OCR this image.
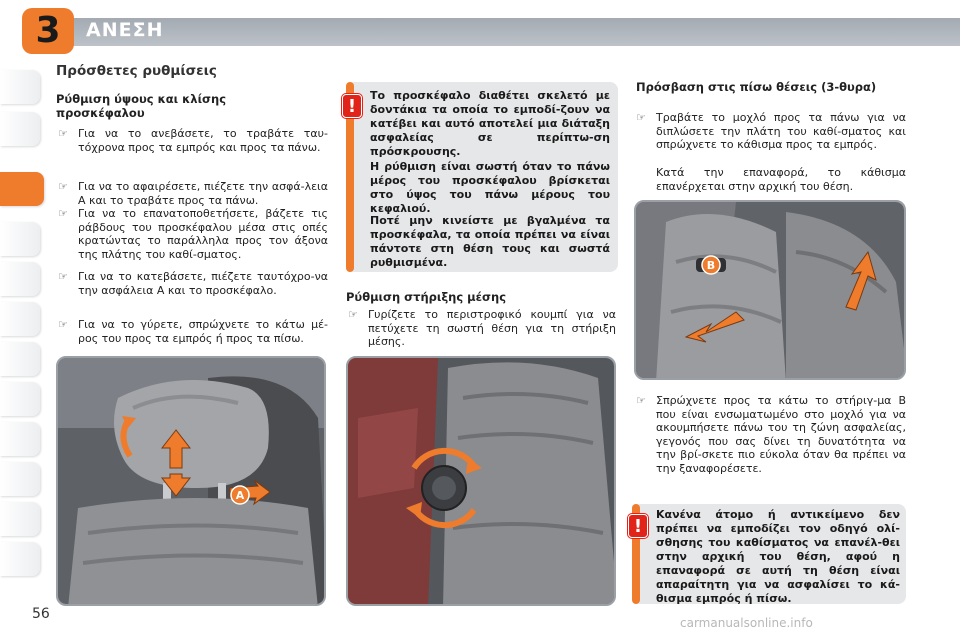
3	ΑΝΕΣΗ
Πρόσθετες ρυθμίσεις
Ρύθμιση ύψους και κλίσης προσκέφαλου
☞ Για να το ανεβάσετε, το τραβάτε ταυ-τόχρονα προς τα εμπρός και προς τα πάνω.
☞ Για να το αφαιρέσετε, πιέζετε την ασφά-λεια A και το τραβάτε προς τα πάνω.
☞ Για να το επανατοποθετήσετε, βάζετε τις ράβδους του προσκέφαλου μέσα στις οπές κρατώντας το παράλληλα προς τον άξονα της πλάτης του καθί-σματος.
☞ Για να το κατεβάσετε, πιέζετε ταυτόχρο-να την ασφάλεια A και το προσκέφαλο.
☞ Για να το γύρετε, σπρώχνετε το κάτω μέ-ρος του προς τα εμπρός ή προς τα πίσω.
A
!
Το προσκέφαλο διαθέτει σκελετό με δοντάκια τα οποία το εμποδί-ζουν να κατέβει και αυτό αποτελεί μια διάταξη ασφαλείας σε περίπτω-ση πρόσκρουσης.
Η ρύθμιση είναι σωστή όταν το πάνω μέρος του προσκέφαλου βρίσκεται στο ύψος του πάνω μέρους του κεφαλιού.
Ποτέ μην κινείστε με βγαλμένα τα προσκέφαλα, τα οποία πρέπει να είναι πάντοτε στη θέση τους και σωστά ρυθμισμένα.
Ρύθμιση στήριξης μέσης
☞ Γυρίζετε το περιστροφικό κουμπί για να πετύχετε τη σωστή θέση για τη στήριξη μέσης.
Πρόσβαση στις πίσω θέσεις (3-θυρα)
☞ Τραβάτε το μοχλό προς τα πάνω για να διπλώσετε την πλάτη του καθί-σματος και σπρώχνετε το κάθισμα προς τα εμπρός.
Κατά την επαναφορά, το κάθισμα επανέρχεται στην αρχική του θέση.
B
☞ Σπρώχνετε προς τα κάτω το στήριγ-μα B που είναι ενσωματωμένο στο μοχλό για να ακουμπήσετε πάνω του τη ζώνη ασφαλείας, γεγονός που σας δίνει τη δυνατότητα να την βρί-σκετε πιο εύκολα όταν θα πρέπει να την ξαναφορέσετε.
!
Κανένα άτομο ή αντικείμενο δεν πρέπει να εμποδίζει τον οδηγό ολί-σθησης του καθίσματος να επανέλ-θει στην αρχική του θέση, αφού η επαναφορά σε αυτή τη θέση είναι απαραίτητη για να ασφαλίσει το κά-θισμα εμπρός ή πίσω.
56
carmanualsonline.info
